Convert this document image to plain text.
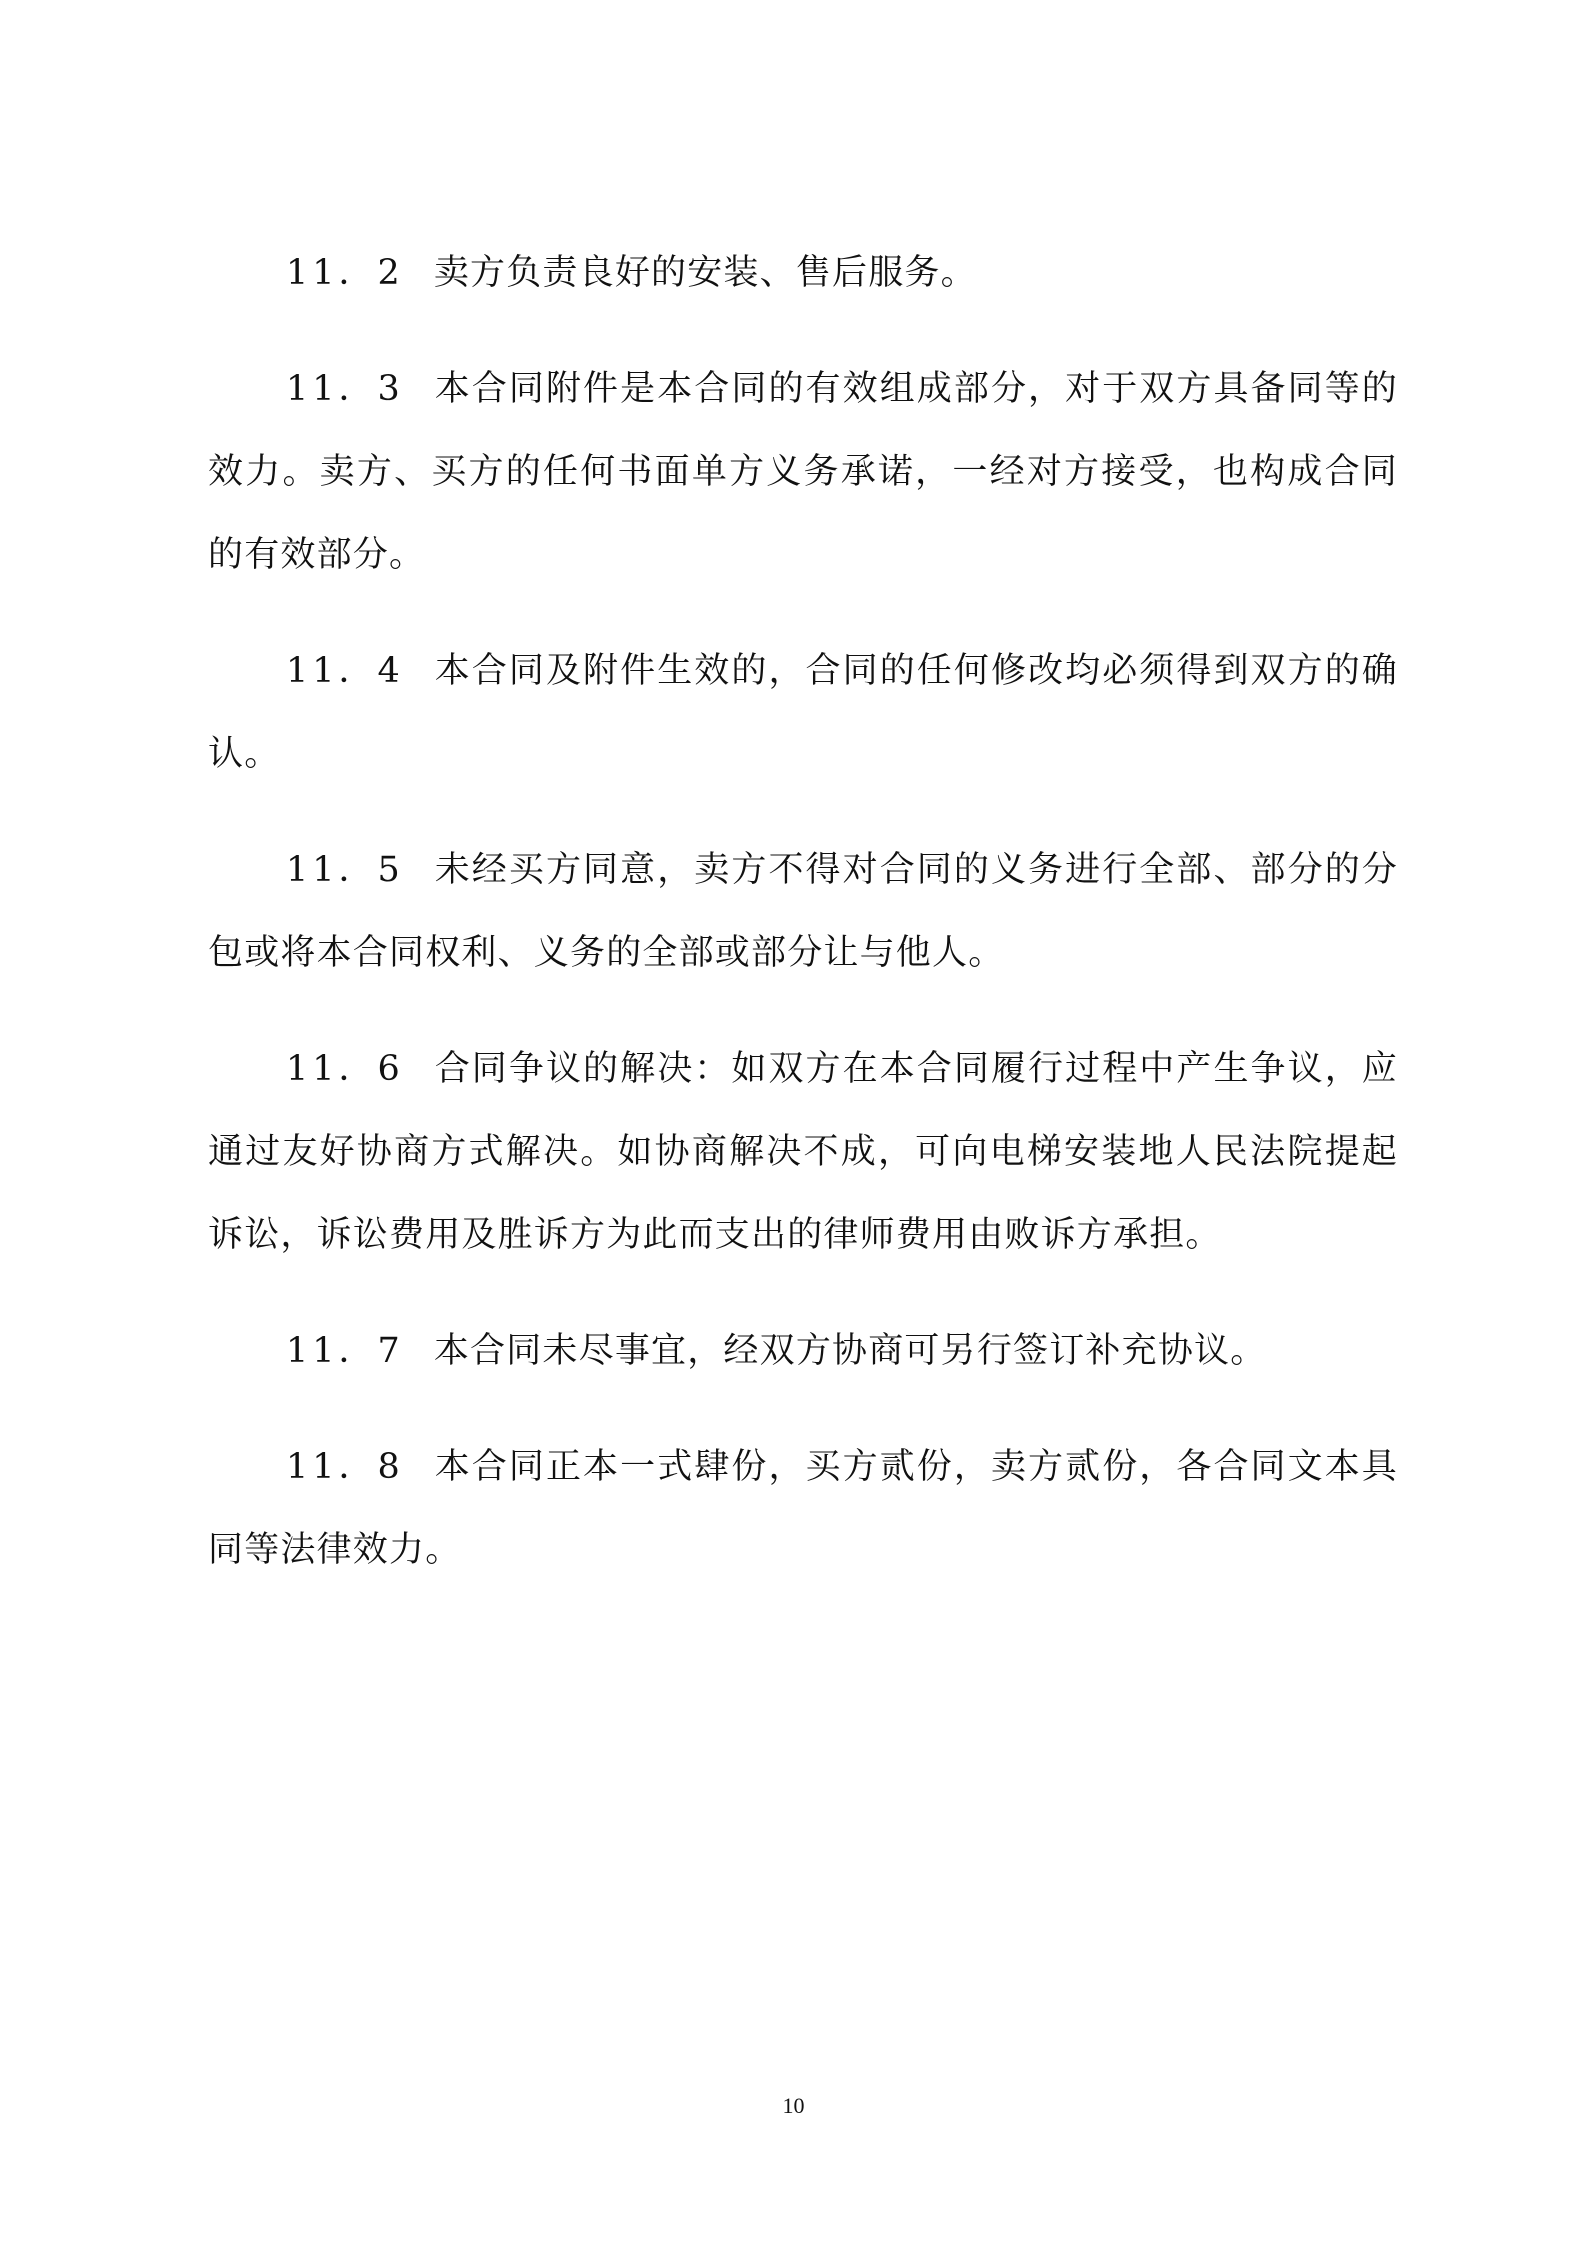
11．2 卖方负责良好的安装、售后服务。

11．3 本合同附件是本合同的有效组成部分，对于双方具备同等的效力。卖方、买方的任何书面单方义务承诺，一经对方接受，也构成合同的有效部分。

11．4 本合同及附件生效的，合同的任何修改均必须得到双方的确认。

11．5 未经买方同意，卖方不得对合同的义务进行全部、部分的分包或将本合同权利、义务的全部或部分让与他人。

11．6 合同争议的解决：如双方在本合同履行过程中产生争议，应通过友好协商方式解决。如协商解决不成，可向电梯安装地人民法院提起诉讼，诉讼费用及胜诉方为此而支出的律师费用由败诉方承担。

11．7 本合同未尽事宜，经双方协商可另行签订补充协议。

11．8 本合同正本一式肆份，买方贰份，卖方贰份，各合同文本具同等法律效力。

10
